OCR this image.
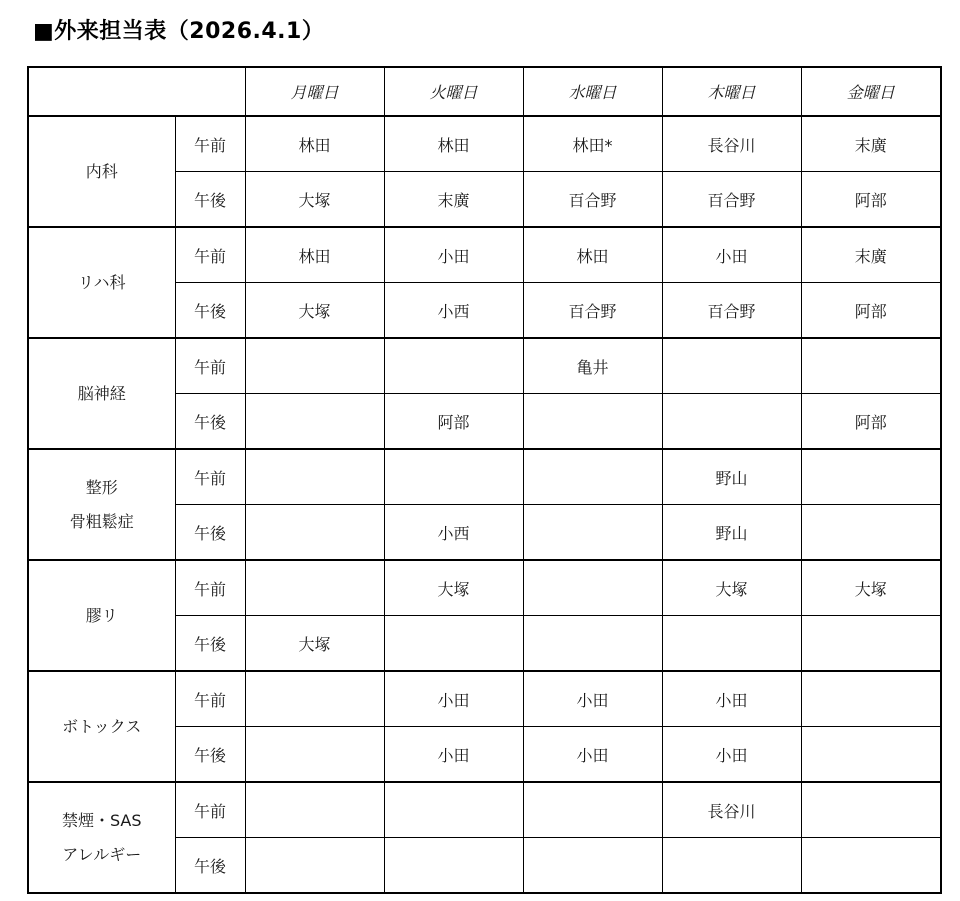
■外来担当表（2026.4.1）
		月曜日	火曜日	水曜日	木曜日	金曜日

内科	午前	林田	林田	林田*	長谷川	末廣
	午後	大塚	末廣	百合野	百合野	阿部

リハ科	午前	林田	小田	林田	小田	末廣
	午後	大塚	小西	百合野	百合野	阿部

脳神経	午前			亀井		
	午後		阿部			阿部

整形
骨粗鬆症	午前				野山	
	午後		小西		野山	

膠リ	午前		大塚		大塚	大塚
	午後	大塚				

ボトックス	午前		小田	小田	小田	
	午後		小田	小田	小田	

禁煙・SAS
アレルギー	午前				長谷川	
	午後					
